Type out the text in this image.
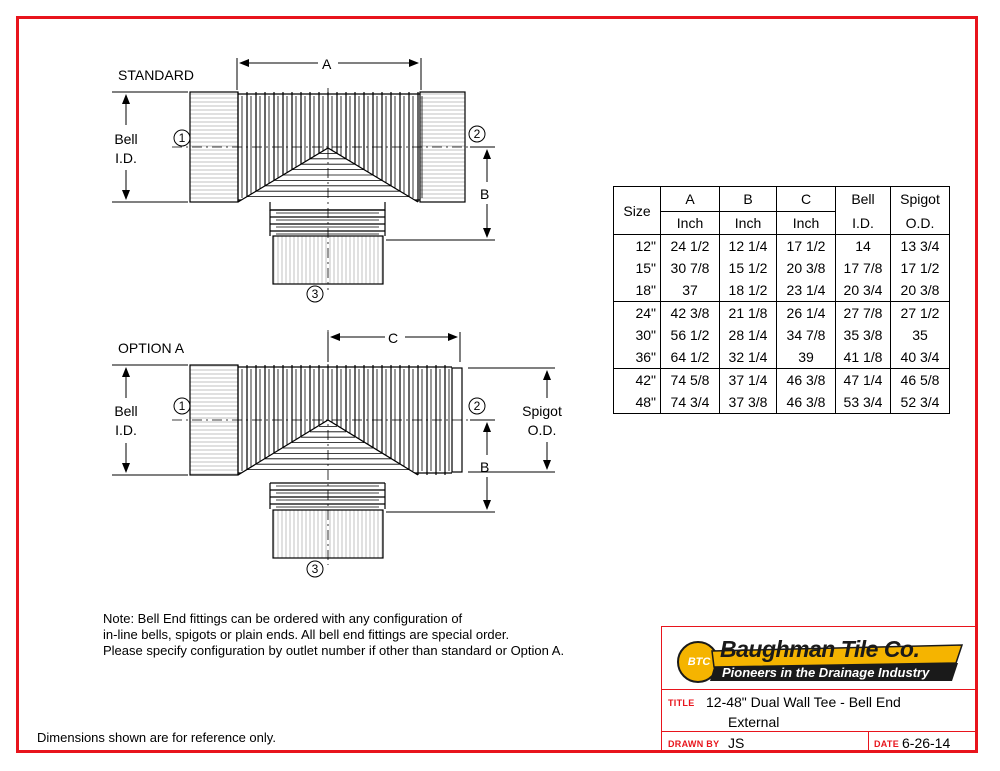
STANDARD
A
Bell
I.D.
B
1	2
3
OPTION A
C
Bell
I.D.
Spigot
O.D.
B
1	2
3
Size	A	B	C	Bell	Spigot
	Inch	Inch	Inch	I.D.	O.D.
12"	24 1/2	12 1/4	17 1/2	14	13 3/4
15"	30 7/8	15 1/2	20 3/8	17 7/8	17 1/2
18"	37	18 1/2	23 1/4	20 3/4	20 3/8
24"	42 3/8	21 1/8	26 1/4	27 7/8	27 1/2
30"	56 1/2	28 1/4	34 7/8	35 3/8	35
36"	64 1/2	32 1/4	39	41 1/8	40 3/4
42"	74 5/8	37 1/4	46 3/8	47 1/4	46 5/8
48"	74 3/4	37 3/8	46 3/8	53 3/4	52 3/4
Note: Bell End fittings can be ordered with any configuration of
in-line bells, spigots or plain ends. All bell end fittings are special order.
Please specify configuration by outlet number if other than standard or Option A.
Dimensions shown are for reference only.
BTC Baughman Tile Co.
Pioneers in the Drainage Industry
TITLE 12-48" Dual Wall Tee - Bell End
External
DRAWN BY JS	DATE 6-26-14
